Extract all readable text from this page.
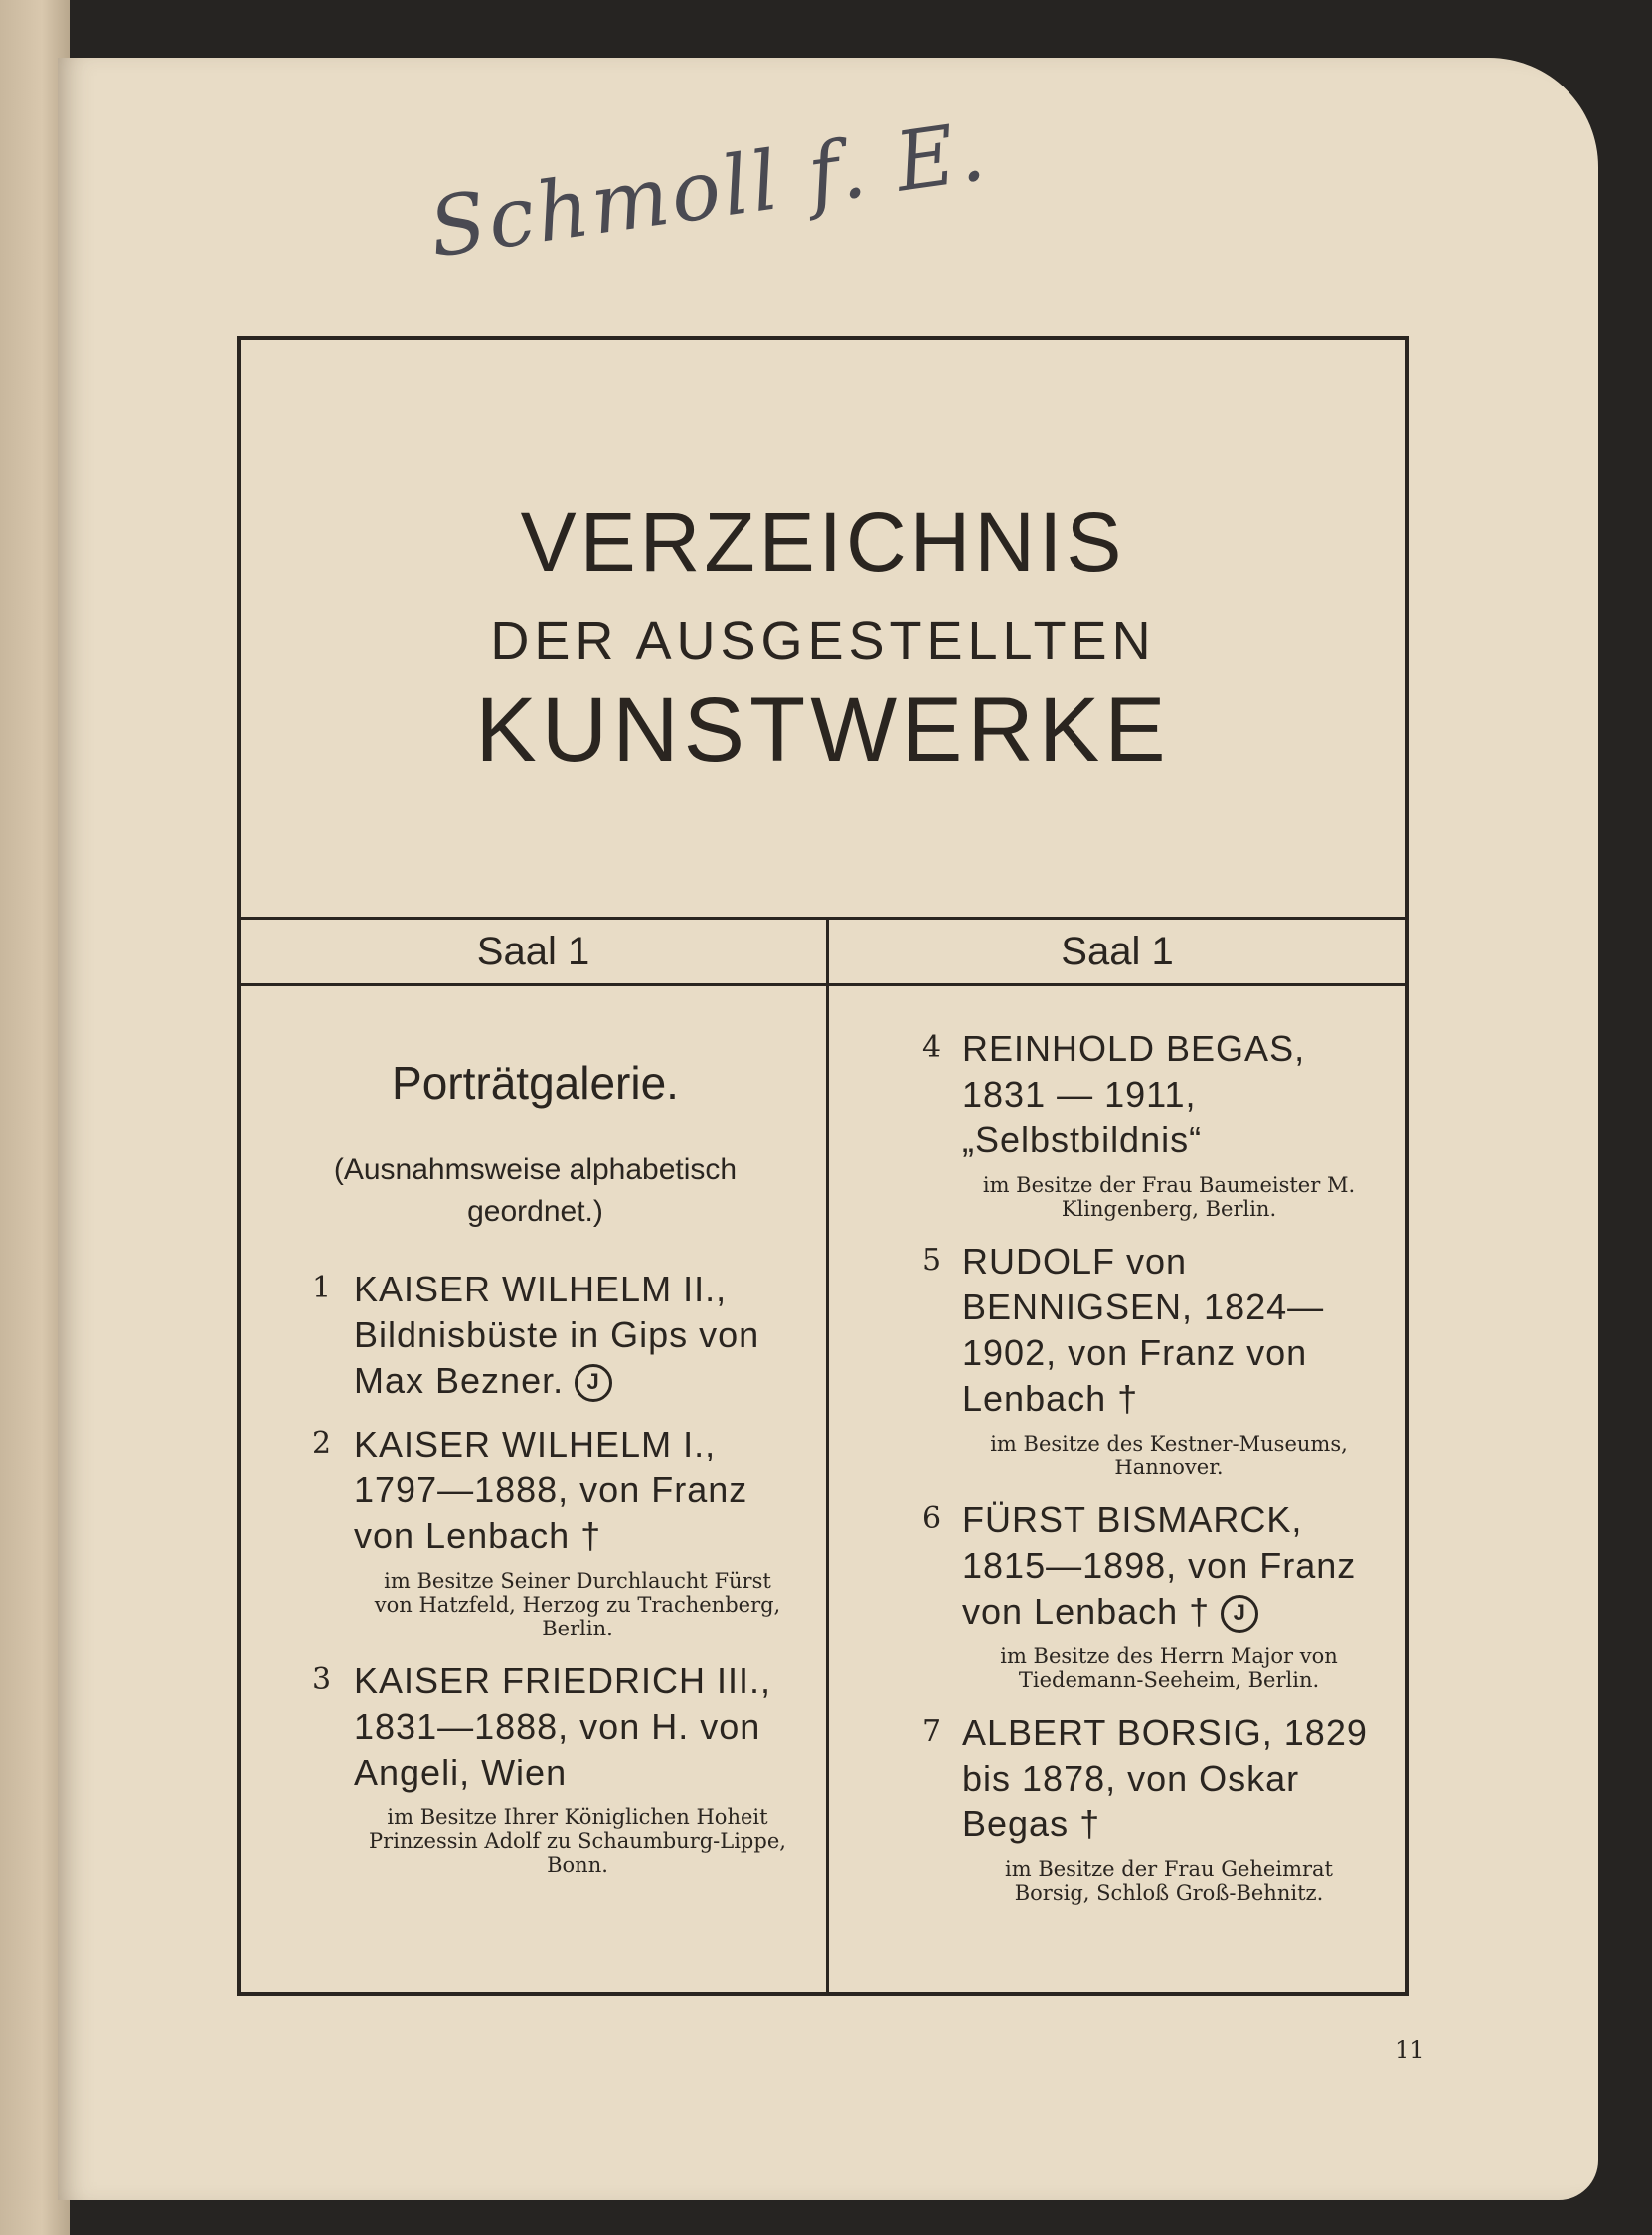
Schmoll f. E.
VERZEICHNIS
DER AUSGESTELLTEN
KUNSTWERKE
Saal 1
Porträtgalerie.
(Ausnahmsweise alphabetisch geordnet.)
1 KAISER WILHELM II., Bildnisbüste in Gips von Max Bezner. J
2 KAISER WILHELM I., 1797—1888, von Franz von Lenbach †
im Besitze Seiner Durchlaucht Fürst von Hatzfeld, Herzog zu Trachenberg, Berlin.
3 KAISER FRIEDRICH III., 1831—1888, von H. von Angeli, Wien
im Besitze Ihrer Königlichen Hoheit Prinzessin Adolf zu Schaumburg-Lippe, Bonn.
Saal 1
4 REINHOLD BEGAS, 1831 — 1911, „Selbstbildnis“
im Besitze der Frau Baumeister M. Klingenberg, Berlin.
5 RUDOLF von BENNIGSEN, 1824—1902, von Franz von Lenbach †
im Besitze des Kestner-Museums, Hannover.
6 FÜRST BISMARCK, 1815—1898, von Franz von Lenbach † J
im Besitze des Herrn Major von Tiedemann-Seeheim, Berlin.
7 ALBERT BORSIG, 1829 bis 1878, von Oskar Begas †
im Besitze der Frau Geheimrat Borsig, Schloß Groß-Behnitz.
11
